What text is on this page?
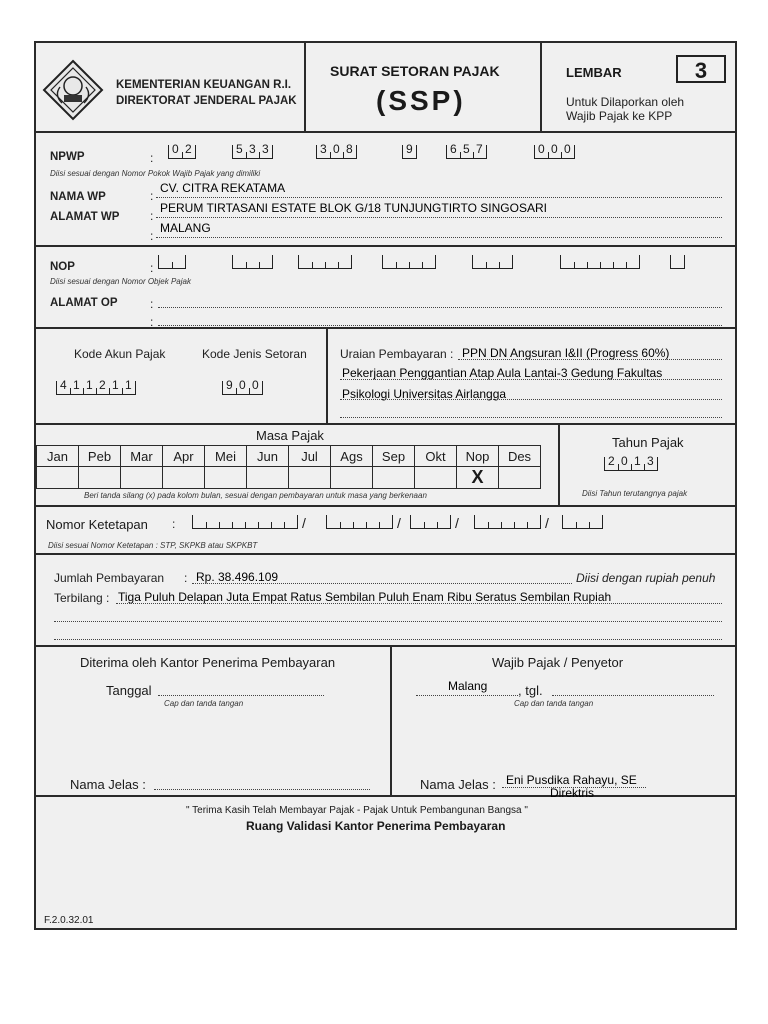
KEMENTERIAN KEUANGAN R.I.
DIREKTORAT JENDERAL PAJAK
SURAT SETORAN PAJAK
(SSP)
LEMBAR	3
Untuk Dilaporkan oleh
Wajib Pajak ke KPP
NPWP	:
Diisi sesuai dengan Nomor Pokok Wajib Pajak yang dimiliki
NAMA WP	:
CV. CITRA REKATAMA
ALAMAT WP	:
PERUM TIRTASANI ESTATE BLOK G/18 TUNJUNGTIRTO SINGOSARI
:
MALANG
0 2	5 3 3	3 0 8	9	6 5 7	0 0 0
NOP	:
Diisi sesuai dengan Nomor Objek Pajak
ALAMAT OP	:
:
Kode Akun Pajak	Kode Jenis Setoran	Uraian Pembayaran : PPN DN Angsuran I&II (Progress 60%)
Pekerjaan Penggantian Atap Aula Lantai-3 Gedung Fakultas
Psikologi Universitas Airlangga
4 1 1 2 1 1	9 0 0
Masa Pajak
Jan	Peb	Mar	Apr	Mei	Jun	Jul	Ags	Sep	Okt	Nop	Des
										X	
Beri tanda silang (x) pada kolom bulan, sesuai dengan pembayaran untuk masa yang berkenaan
Tahun Pajak
Diisi Tahun terutangnya pajak
2 0 1 3
Nomor Ketetapan :
Diisi sesuai Nomor Ketetapan : STP, SKPKB atau SKPKBT
/	/	/	/
Jumlah Pembayaran : Rp. 38.496.109	Diisi dengan rupiah penuh
Terbilang : Tiga Puluh Delapan Juta Empat Ratus Sembilan Puluh Enam Ribu Seratus Sembilan Rupiah
Diterima oleh Kantor Penerima Pembayaran
Tanggal
Cap dan tanda tangan
Nama Jelas :
Wajib Pajak / Penyetor
Malang , tgl.
Cap dan tanda tangan
Nama Jelas : Eni Pusdika Rahayu, SE
Direktris
" Terima Kasih Telah Membayar Pajak - Pajak Untuk Pembangunan Bangsa "
Ruang Validasi Kantor Penerima Pembayaran
F.2.0.32.01
